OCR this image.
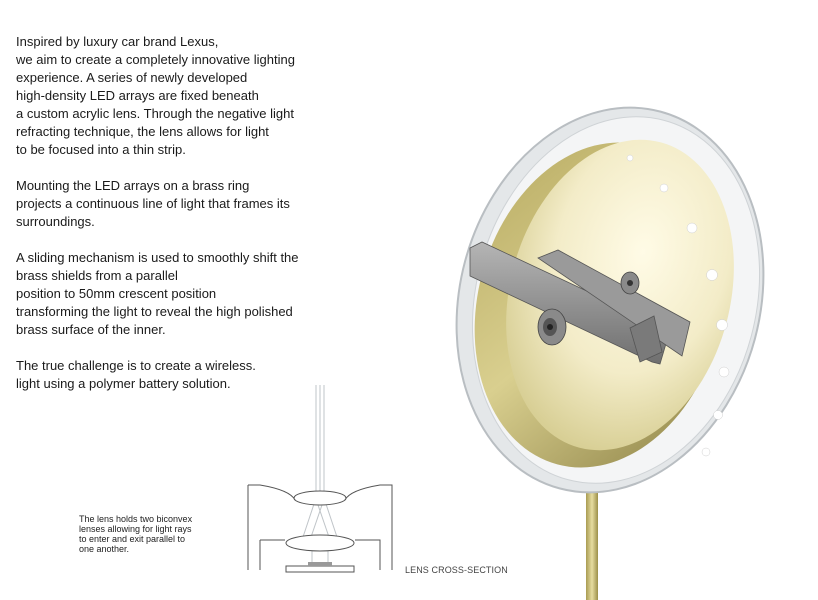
Inspired by luxury car brand Lexus,
we aim to create a completely innovative lighting
experience. A series of newly developed
high-density LED arrays are fixed beneath
a custom acrylic lens. Through the negative light
refracting technique, the lens allows for light
to be focused into a thin strip.

Mounting the LED arrays on a brass ring
projects a continuous line of light that frames its
surroundings.

A sliding mechanism is used to smoothly shift the
brass shields from a parallel
position to 50mm crescent position
transforming the light to reveal the high polished
brass surface of the inner.

The true challenge is to create a wireless.
light using a polymer battery solution.

The lens holds two biconvex
lenses allowing for light rays
to enter and exit parallel to
one another.
LENS CROSS-SECTION
